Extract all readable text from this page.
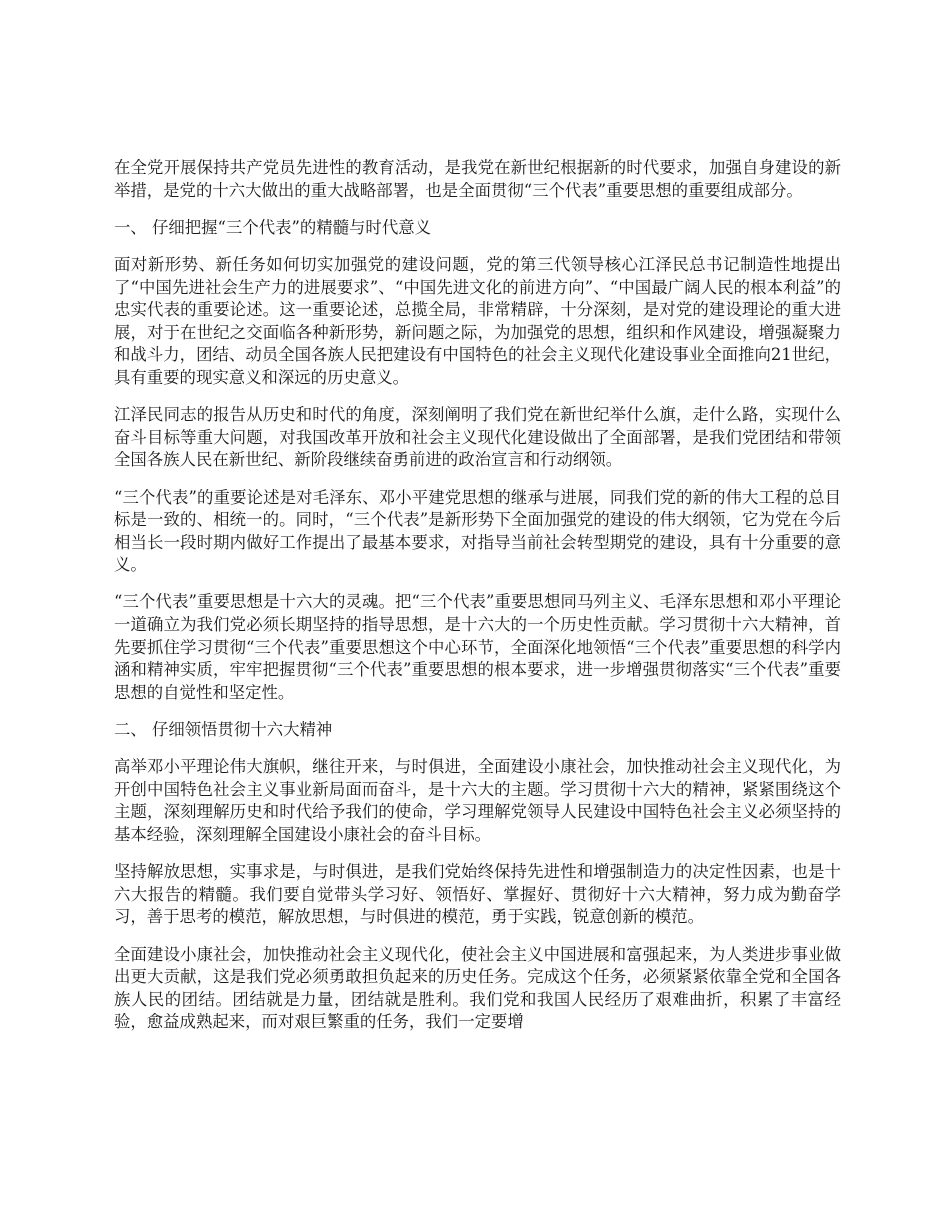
在全党开展保持共产党员先进性的教育活动，是我党在新世纪根据新的时代要求，加强自身建设的新举措，是党的十六大做出的重大战略部署，也是全面贯彻“三个代表”重要思想的重要组成部分。

一、 仔细把握“三个代表”的精髓与时代意义

面对新形势、新任务如何切实加强党的建设问题，党的第三代领导核心江泽民总书记制造性地提出了“中国先进社会生产力的进展要求”、“中国先进文化的前进方向”、“中国最广阔人民的根本利益”的忠实代表的重要论述。这一重要论述，总揽全局，非常精辟，十分深刻，是对党的建设理论的重大进展，对于在世纪之交面临各种新形势，新问题之际，为加强党的思想，组织和作风建设，增强凝聚力和战斗力，团结、动员全国各族人民把建设有中国特色的社会主义现代化建设事业全面推向21世纪，具有重要的现实意义和深远的历史意义。

江泽民同志的报告从历史和时代的角度，深刻阐明了我们党在新世纪举什么旗，走什么路，实现什么奋斗目标等重大问题，对我国改革开放和社会主义现代化建设做出了全面部署，是我们党团结和带领全国各族人民在新世纪、新阶段继续奋勇前进的政治宣言和行动纲领。

“三个代表”的重要论述是对毛泽东、邓小平建党思想的继承与进展，同我们党的新的伟大工程的总目标是一致的、相统一的。同时，“三个代表”是新形势下全面加强党的建设的伟大纲领，它为党在今后相当长一段时期内做好工作提出了最基本要求，对指导当前社会转型期党的建设，具有十分重要的意义。

“三个代表”重要思想是十六大的灵魂。把“三个代表”重要思想同马列主义、毛泽东思想和邓小平理论一道确立为我们党必须长期坚持的指导思想，是十六大的一个历史性贡献。学习贯彻十六大精神，首先要抓住学习贯彻“三个代表”重要思想这个中心环节，全面深化地领悟“三个代表”重要思想的科学内涵和精神实质，牢牢把握贯彻“三个代表”重要思想的根本要求，进一步增强贯彻落实“三个代表”重要思想的自觉性和坚定性。

二、 仔细领悟贯彻十六大精神

高举邓小平理论伟大旗帜，继往开来，与时俱进，全面建设小康社会，加快推动社会主义现代化，为开创中国特色社会主义事业新局面而奋斗，是十六大的主题。学习贯彻十六大的精神，紧紧围绕这个主题，深刻理解历史和时代给予我们的使命，学习理解党领导人民建设中国特色社会主义必须坚持的基本经验，深刻理解全国建设小康社会的奋斗目标。

坚持解放思想，实事求是，与时俱进，是我们党始终保持先进性和增强制造力的决定性因素，也是十六大报告的精髓。我们要自觉带头学习好、领悟好、掌握好、贯彻好十六大精神，努力成为勤奋学习，善于思考的模范，解放思想，与时俱进的模范，勇于实践，锐意创新的模范。

全面建设小康社会，加快推动社会主义现代化，使社会主义中国进展和富强起来，为人类进步事业做出更大贡献，这是我们党必须勇敢担负起来的历史任务。完成这个任务，必须紧紧依靠全党和全国各族人民的团结。团结就是力量，团结就是胜利。我们党和我国人民经历了艰难曲折，积累了丰富经验，愈益成熟起来，而对艰巨繁重的任务，我们一定要增
